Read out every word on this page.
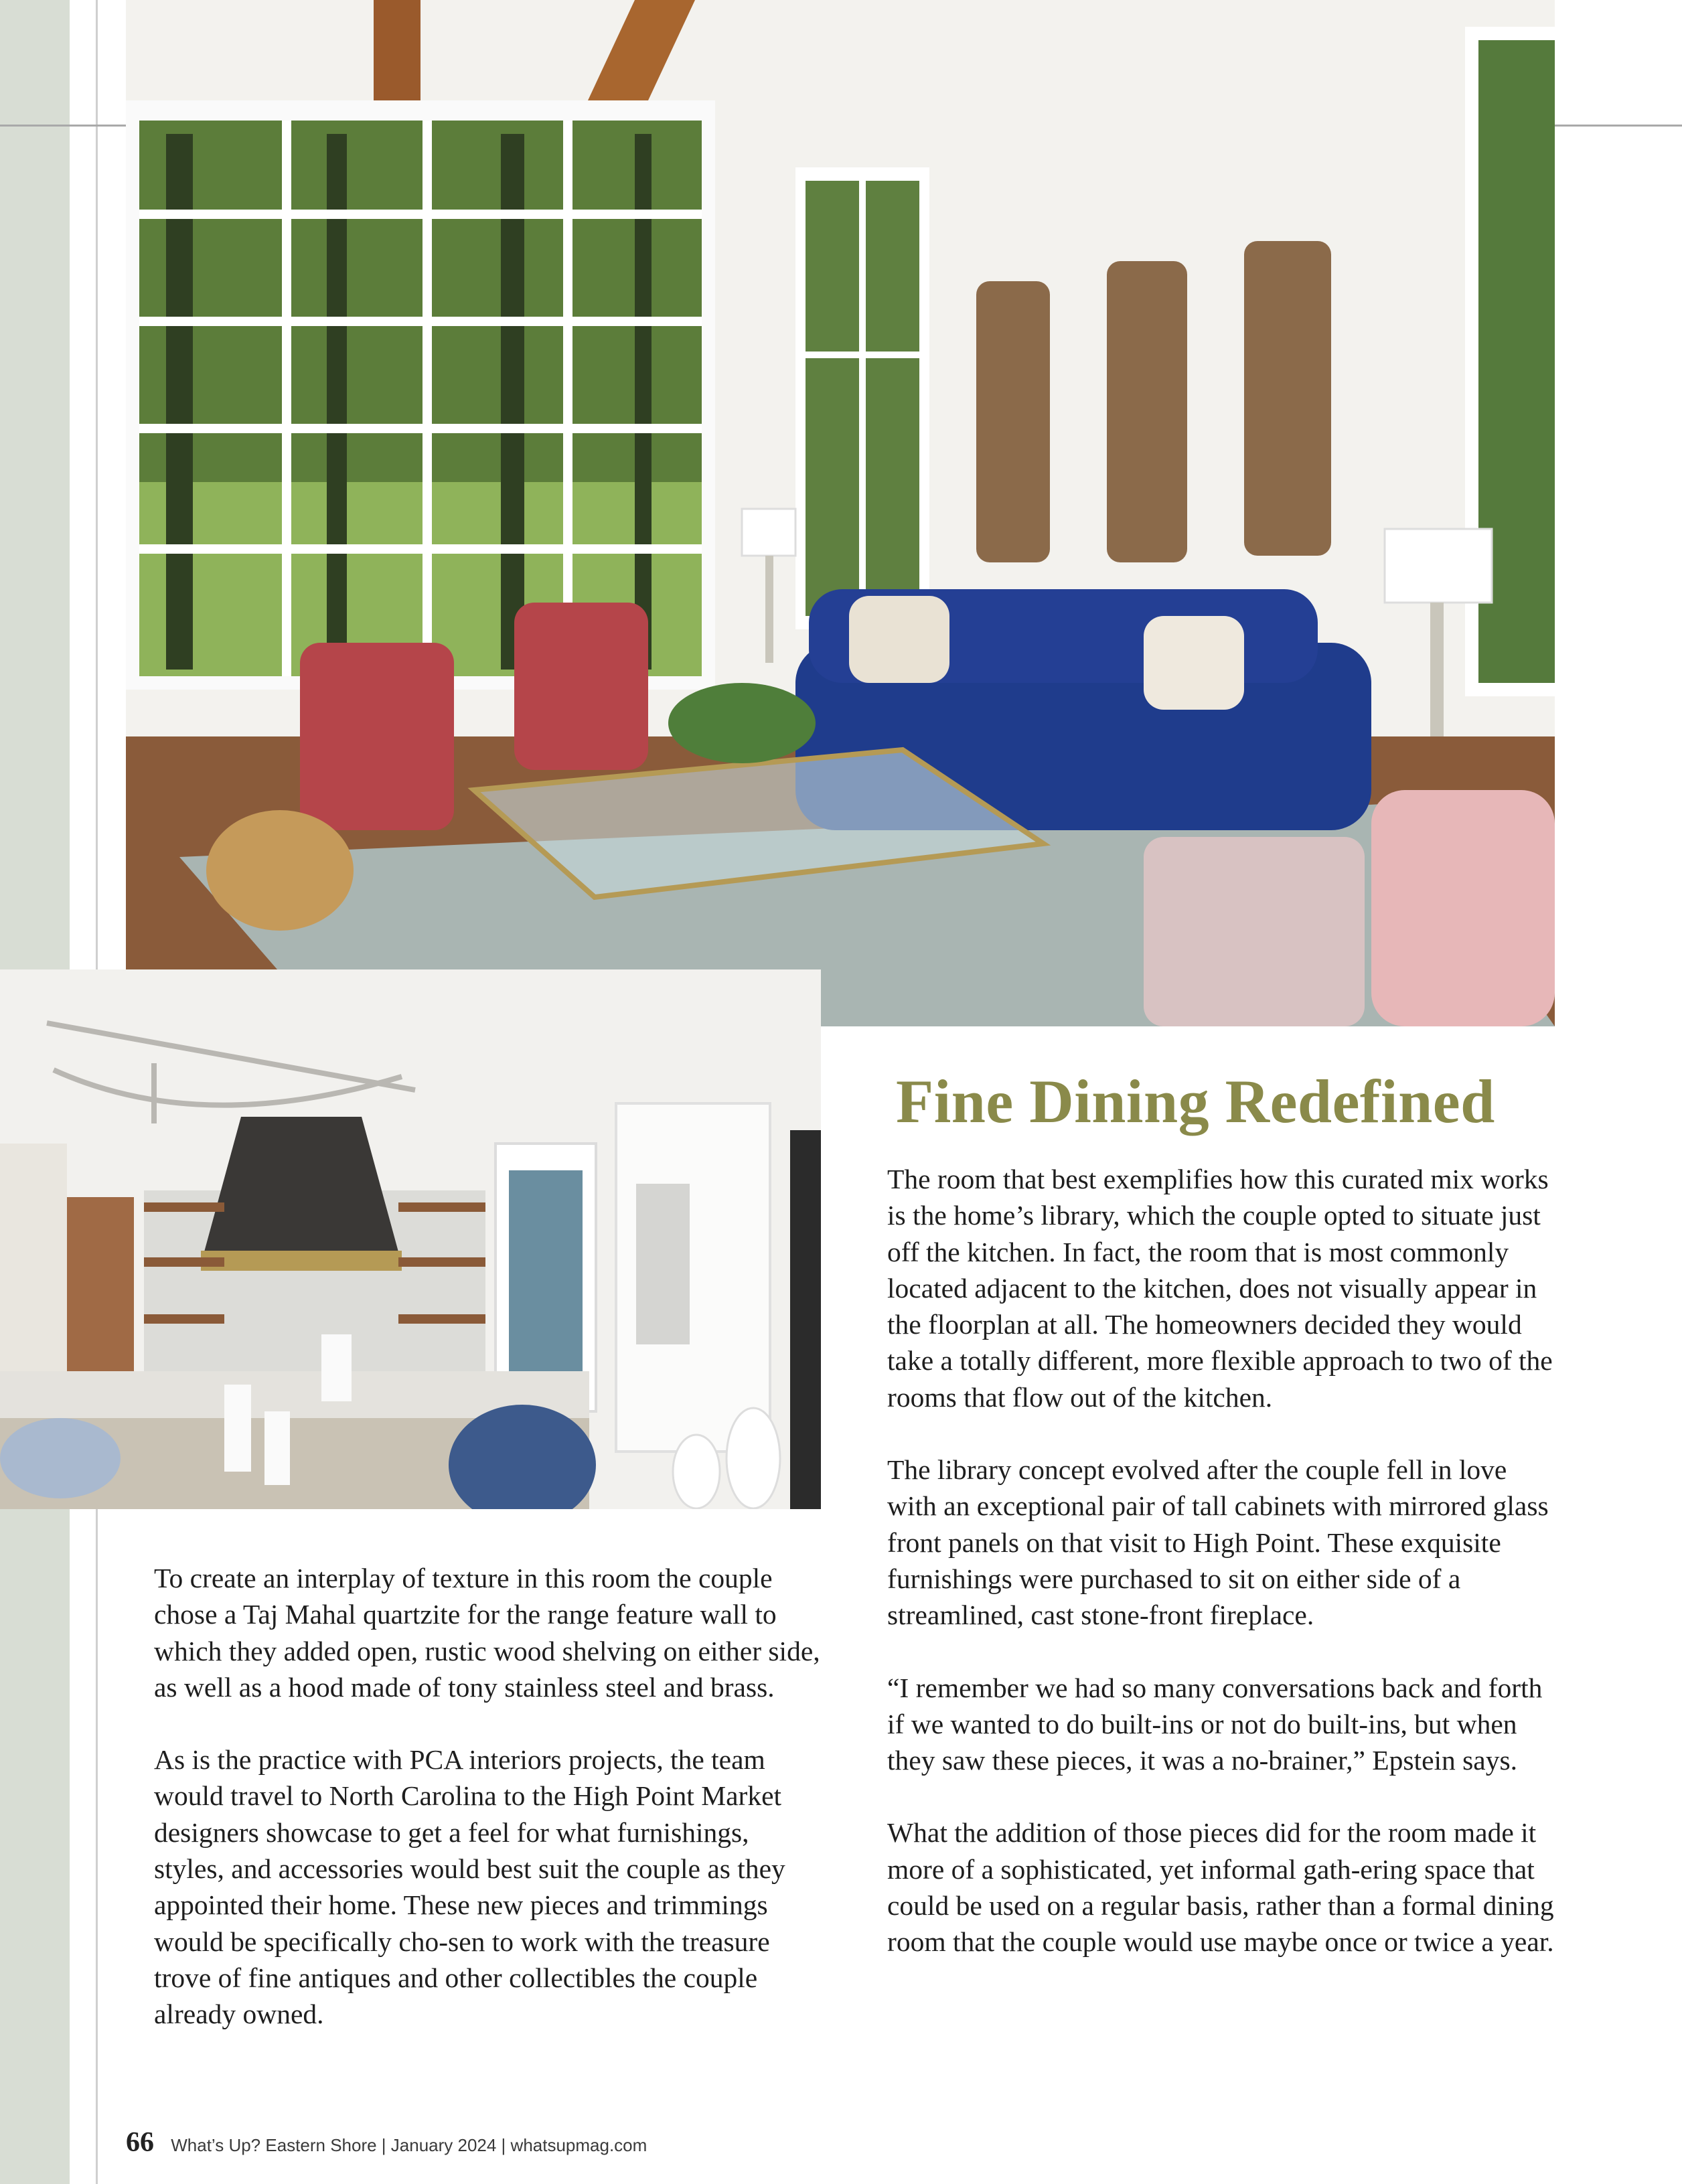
Fine Dining Redefined

The room that best exemplifies how this curated mix works is the home’s library, which the couple opted to situate just off the kitchen. In fact, the room that is most commonly located adjacent to the kitchen, does not visually appear in the floorplan at all. The homeowners decided they would take a totally different, more flexible approach to two of the rooms that flow out of the kitchen.

The library concept evolved after the couple fell in love with an exceptional pair of tall cabinets with mirrored glass front panels on that visit to High Point. These exquisite furnishings were purchased to sit on either side of a streamlined, cast stone-front fireplace.

“I remember we had so many conversations back and forth if we wanted to do built-ins or not do built-ins, but when they saw these pieces, it was a no-brainer,” Epstein says.

What the addition of those pieces did for the room made it more of a sophisticated, yet informal gath-ering space that could be used on a regular basis, rather than a formal dining room that the couple would use maybe once or twice a year.

To create an interplay of texture in this room the couple chose a Taj Mahal quartzite for the range feature wall to which they added open, rustic wood shelving on either side, as well as a hood made of tony stainless steel and brass.

As is the practice with PCA interiors projects, the team would travel to North Carolina to the High Point Market designers showcase to get a feel for what furnishings, styles, and accessories would best suit the couple as they appointed their home. These new pieces and trimmings would be specifically cho-sen to work with the treasure trove of fine antiques and other collectibles the couple already owned.

66 What’s Up? Eastern Shore | January 2024 | whatsupmag.com
